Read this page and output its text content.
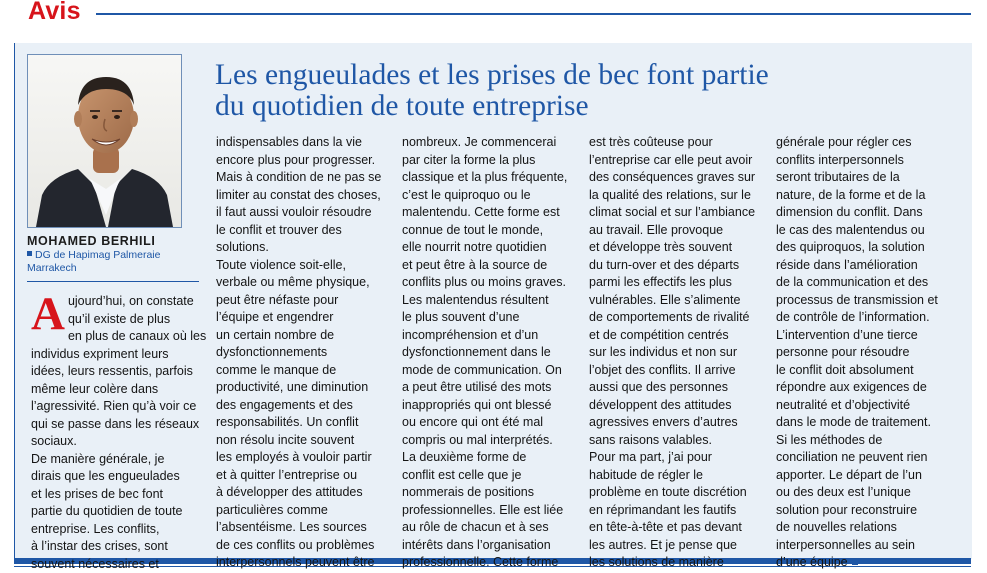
Avis
MOHAMED BERHILI
DG de Hapimag Palmeraie
Marrakech
Les engueulades et les prises de bec font partie
du quotidien de toute entreprise
A ujourd’hui, on constate
qu’il existe de plus
en plus de canaux où les
individus expriment leurs
idées, leurs ressentis, parfois
même leur colère dans
l’agressivité. Rien qu’à voir ce
qui se passe dans les réseaux
sociaux.
De manière générale, je
dirais que les engueulades
et les prises de bec font
partie du quotidien de toute
entreprise. Les conflits,
à l’instar des crises, sont
souvent nécessaires et
indispensables dans la vie
encore plus pour progresser.
Mais à condition de ne pas se
limiter au constat des choses,
il faut aussi vouloir résoudre
le conflit et trouver des
solutions.
Toute violence soit-elle,
verbale ou même physique,
peut être néfaste pour
l’équipe et engendrer
un certain nombre de
dysfonctionnements
comme le manque de
productivité, une diminution
des engagements et des
responsabilités. Un conflit
non résolu incite souvent
les employés à vouloir partir
et à quitter l’entreprise ou
à développer des attitudes
particulières comme
l’absentéisme. Les sources
de ces conflits ou problèmes
interpersonnels peuvent être
nombreux. Je commencerai
par citer la forme la plus
classique et la plus fréquente,
c’est le quiproquo ou le
malentendu. Cette forme est
connue de tout le monde,
elle nourrit notre quotidien
et peut être à la source de
conflits plus ou moins graves.
Les malentendus résultent
le plus souvent d’une
incompréhension et d’un
dysfonctionnement dans le
mode de communication. On
a peut être utilisé des mots
inappropriés qui ont blessé
ou encore qui ont été mal
compris ou mal interprétés.
La deuxième forme de
conflit est celle que je
nommerais de positions
professionnelles. Elle est liée
au rôle de chacun et à ses
intérêts dans l’organisation
professionnelle. Cette forme
est très coûteuse pour
l’entreprise car elle peut avoir
des conséquences graves sur
la qualité des relations, sur le
climat social et sur l’ambiance
au travail. Elle provoque
et développe très souvent
du turn-over et des départs
parmi les effectifs les plus
vulnérables. Elle s’alimente
de comportements de rivalité
et de compétition centrés
sur les individus et non sur
l’objet des conflits. Il arrive
aussi que des personnes
développent des attitudes
agressives envers d’autres
sans raisons valables.
Pour ma part, j’ai pour
habitude de régler le
problème en toute discrétion
en réprimandant les fautifs
en tête-à-tête et pas devant
les autres. Et je pense que
les solutions de manière
générale pour régler ces
conflits interpersonnels
seront tributaires de la
nature, de la forme et de la
dimension du conflit. Dans
le cas des malentendus ou
des quiproquos, la solution
réside dans l’amélioration
de la communication et des
processus de transmission et
de contrôle de l’information.
L’intervention d’une tierce
personne pour résoudre
le conflit doit absolument
répondre aux exigences de
neutralité et d’objectivité
dans le mode de traitement.
Si les méthodes de
conciliation ne peuvent rien
apporter. Le départ de l’un
ou des deux est l’unique
solution pour reconstruire
de nouvelles relations
interpersonnelles au sein
d’une équipe
